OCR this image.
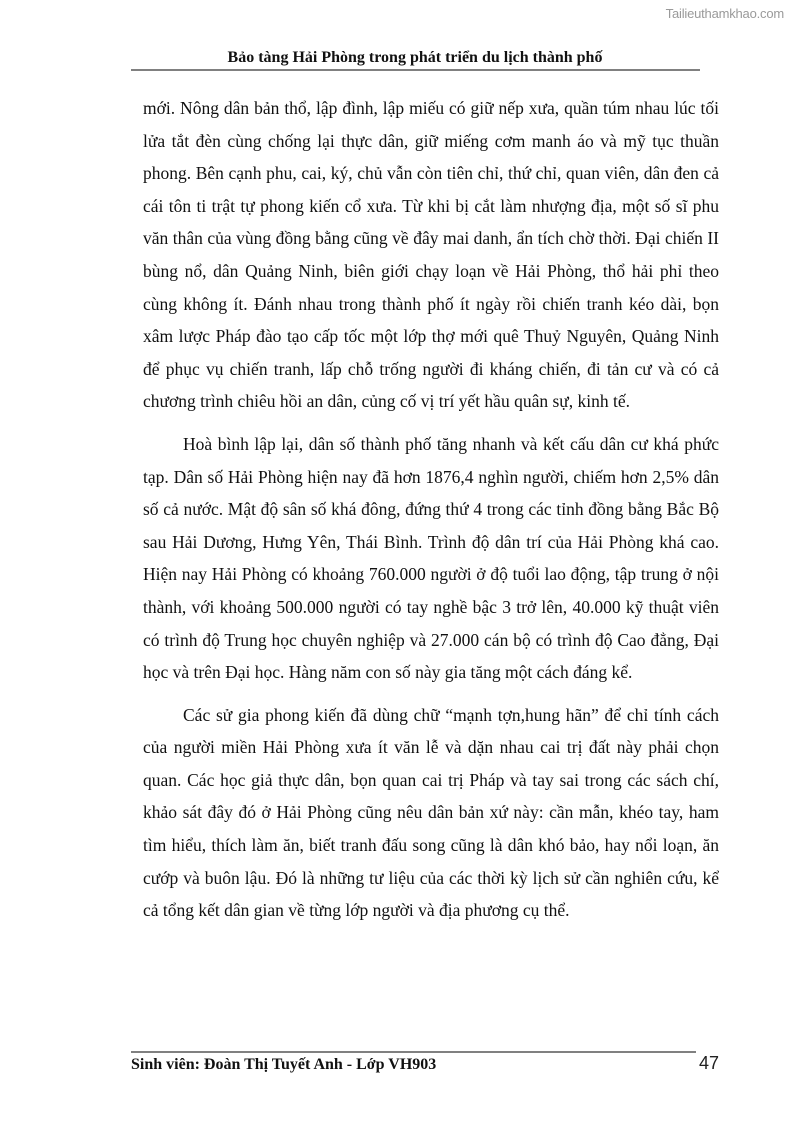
Tailieuthamkhao.com
Bảo tàng Hải Phòng trong phát triển du lịch thành phố

mới. Nông dân bản thổ, lập đình, lập miếu có giữ nếp xưa, quần túm nhau lúc tối lửa tắt đèn cùng chống lại thực dân, giữ miếng cơm manh áo và mỹ tục thuần phong. Bên cạnh phu, cai, ký, chủ vẫn còn tiên chỉ, thứ chỉ, quan viên, dân đen cả cái tôn ti trật tự phong kiến cổ xưa. Từ khi bị cắt làm nhượng địa, một số sĩ phu văn thân của vùng đồng bằng cũng về đây mai danh, ẩn tích chờ thời. Đại chiến II bùng nổ, dân Quảng Ninh, biên giới chạy loạn về Hải Phòng, thổ hải phỉ theo cùng không ít. Đánh nhau trong thành phố ít ngày rồi chiến tranh kéo dài, bọn xâm lược Pháp đào tạo cấp tốc một lớp thợ mới quê Thuỷ Nguyên, Quảng Ninh để phục vụ chiến tranh, lấp chỗ trống người đi kháng chiến, đi tản cư và có cả chương trình chiêu hồi an dân, củng cố vị trí yết hầu quân sự, kinh tế.

Hoà bình lập lại, dân số thành phố tăng nhanh và kết cấu dân cư khá phức tạp. Dân số Hải Phòng hiện nay đã hơn 1876,4 nghìn người, chiếm hơn 2,5% dân số cả nước. Mật độ sân số khá đông, đứng thứ 4 trong các tỉnh đồng bằng Bắc Bộ sau Hải Dương, Hưng Yên, Thái Bình. Trình độ dân trí của Hải Phòng khá cao. Hiện nay Hải Phòng có khoảng 760.000 người ở độ tuổi lao động, tập trung ở nội thành, với khoảng 500.000 người có tay nghề bậc 3 trở lên, 40.000 kỹ thuật viên có trình độ Trung học chuyên nghiệp và 27.000 cán bộ có trình độ Cao đẳng, Đại học và trên Đại học. Hàng năm con số này gia tăng một cách đáng kể.

Các sử gia phong kiến đã dùng chữ “mạnh tợn,hung hãn” để chỉ tính cách của người miền Hải Phòng xưa ít văn lễ và dặn nhau cai trị đất này phải chọn quan. Các học giả thực dân, bọn quan cai trị Pháp và tay sai trong các sách chí, khảo sát đây đó ở Hải Phòng cũng nêu dân bản xứ này: cần mẫn, khéo tay, ham tìm hiểu, thích làm ăn, biết tranh đấu song cũng là dân khó bảo, hay nổi loạn, ăn cướp và buôn lậu. Đó là những tư liệu của các thời kỳ lịch sử cần nghiên cứu, kể cả tổng kết dân gian về từng lớp người và địa phương cụ thể.

Sinh viên: Đoàn Thị Tuyết Anh - Lớp VH903	47
